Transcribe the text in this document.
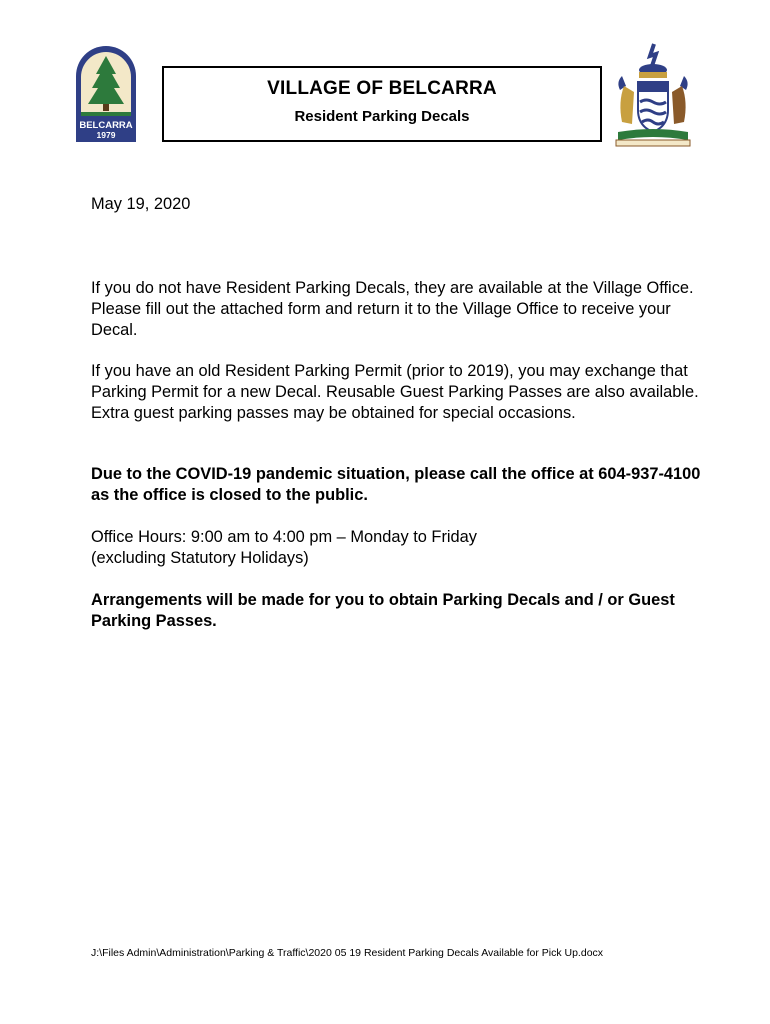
BELCARRA
1979
VILLAGE OF BELCARRA
Resident Parking Decals
May 19, 2020
If you do not have Resident Parking Decals, they are available at the Village Office. Please fill out the attached form and return it to the Village Office to receive your Decal.
If you have an old Resident Parking Permit (prior to 2019), you may exchange that Parking Permit for a new Decal. Reusable Guest Parking Passes are also available. Extra guest parking passes may be obtained for special occasions.
Due to the COVID-19 pandemic situation, please call the office at 604-937-4100 as the office is closed to the public.
Office Hours: 9:00 am to 4:00 pm – Monday to Friday
(excluding Statutory Holidays)
Arrangements will be made for you to obtain Parking Decals and / or Guest Parking Passes.
J:\Files Admin\Administration\Parking & Traffic\2020 05 19 Resident Parking Decals Available for Pick Up.docx
